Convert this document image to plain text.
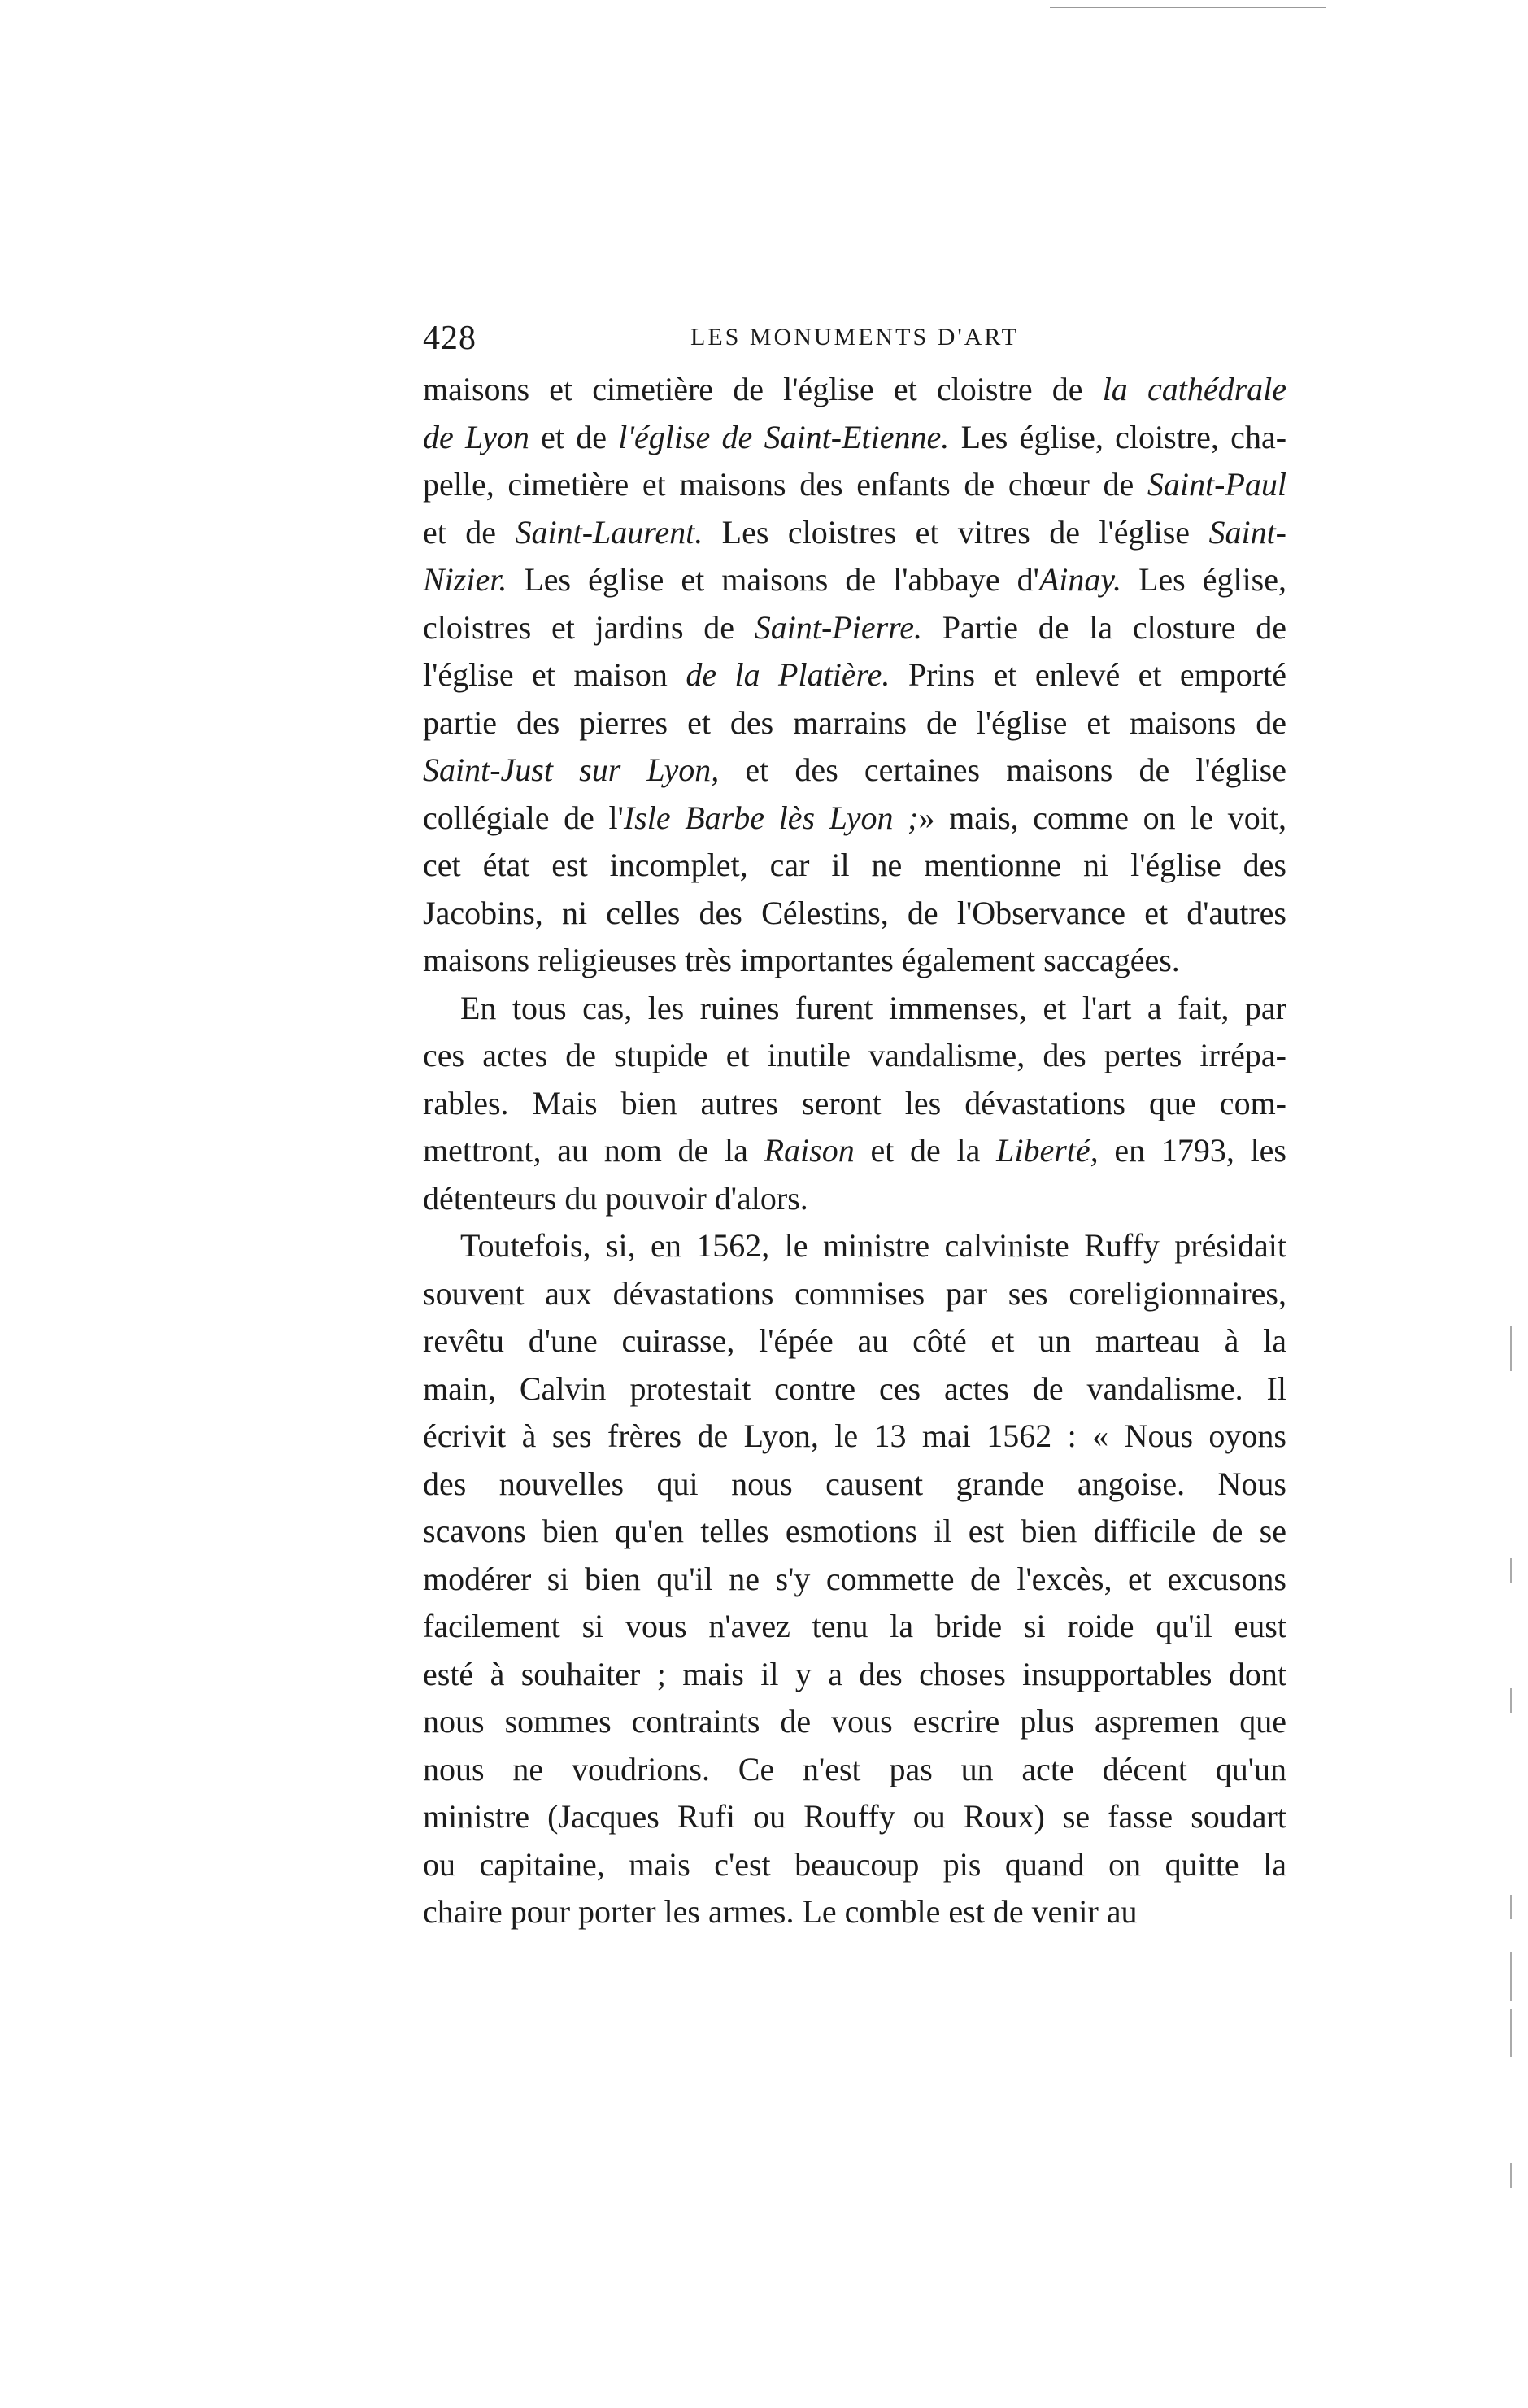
428	LES MONUMENTS D'ART
maisons et cimetière de l'église et cloistre de la cathédrale
de Lyon et de l'église de Saint-Etienne. Les église, cloistre, cha-
pelle, cimetière et maisons des enfants de chœur de Saint-Paul
et de Saint-Laurent. Les cloistres et vitres de l'église Saint-
Nizier. Les église et maisons de l'abbaye d'Ainay. Les église,
cloistres et jardins de Saint-Pierre. Partie de la closture de
l'église et maison de la Platière. Prins et enlevé et emporté
partie des pierres et des marrains de l'église et maisons de
Saint-Just sur Lyon, et des certaines maisons de l'église
collégiale de l'Isle Barbe lès Lyon ;» mais, comme on le voit,
cet état est incomplet, car il ne mentionne ni l'église des
Jacobins, ni celles des Célestins, de l'Observance et d'autres
maisons religieuses très importantes également saccagées.
En tous cas, les ruines furent immenses, et l'art a fait, par
ces actes de stupide et inutile vandalisme, des pertes irrépa-
rables. Mais bien autres seront les dévastations que com-
mettront, au nom de la Raison et de la Liberté, en 1793, les
détenteurs du pouvoir d'alors.
Toutefois, si, en 1562, le ministre calviniste Ruffy présidait
souvent aux dévastations commises par ses coreligionnaires,
revêtu d'une cuirasse, l'épée au côté et un marteau à la
main, Calvin protestait contre ces actes de vandalisme. Il
écrivit à ses frères de Lyon, le 13 mai 1562 : « Nous oyons
des nouvelles qui nous causent grande angoise. Nous
scavons bien qu'en telles esmotions il est bien difficile de se
modérer si bien qu'il ne s'y commette de l'excès, et excusons
facilement si vous n'avez tenu la bride si roide qu'il eust
esté à souhaiter ; mais il y a des choses insupportables dont
nous sommes contraints de vous escrire plus aspremen que
nous ne voudrions. Ce n'est pas un acte décent qu'un
ministre (Jacques Rufi ou Rouffy ou Roux) se fasse soudart
ou capitaine, mais c'est beaucoup pis quand on quitte la
chaire pour porter les armes. Le comble est de venir au
